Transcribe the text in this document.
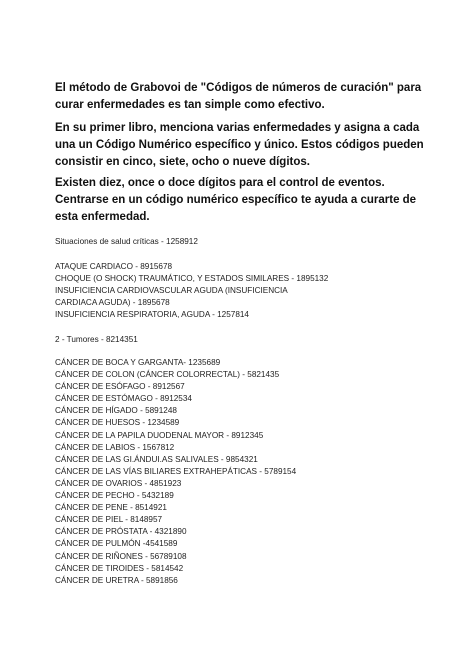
El método de Grabovoi de "Códigos de números de curación" para curar enfermedades es tan simple como efectivo.

En su primer libro, menciona varias enfermedades y asigna a cada una un Código Numérico específico y único. Estos códigos pueden consistir en cinco, siete, ocho o nueve dígitos.

Existen diez, once o doce dígitos para el control de eventos. Centrarse en un código numérico específico te ayuda a curarte de esta enfermedad.

Situaciones de salud críticas - 1258912
ATAQUE CARDIACO - 8915678
CHOQUE (O SHOCK) TRAUMÁTICO, Y ESTADOS SIMILARES - 1895132
INSUFICIENCIA CARDIOVASCULAR AGUDA (INSUFICIENCIA
CARDIACA AGUDA) - 1895678
INSUFICIENCIA RESPIRATORIA, AGUDA - 1257814
2 - Tumores - 8214351
CÁNCER DE BOCA Y GARGANTA- 1235689
CÁNCER DE COLON (CÁNCER COLORRECTAL) - 5821435
CÁNCER DE ESÓFAGO - 8912567
CÁNCER DE ESTÓMAGO - 8912534
CÁNCER DE HÍGADO - 5891248
CÁNCER DE HUESOS - 1234589
CÁNCER DE LA PAPILA DUODENAL MAYOR - 8912345
CÁNCER DE LABIOS - 1567812
CÁNCER DE LAS GI.ÁNDUI.AS SALIVALES - 9854321
CÁNCER DE LAS VÍAS BILIARES EXTRAHEPÁTICAS - 5789154
CÁNCER DE OVARIOS - 4851923
CÁNCER DE PECHO - 5432189
CÁNCER DE PENE - 8514921
CÁNCER DE PIEL - 8148957
CÁNCER DE PRÓSTATA - 4321890
CÁNCER DE PULMÓN -4541589
CÁNCER DE RIÑONES - 56789108
CÁNCER DE TIROIDES - 5814542
CÁNCER DE URETRA - 5891856
